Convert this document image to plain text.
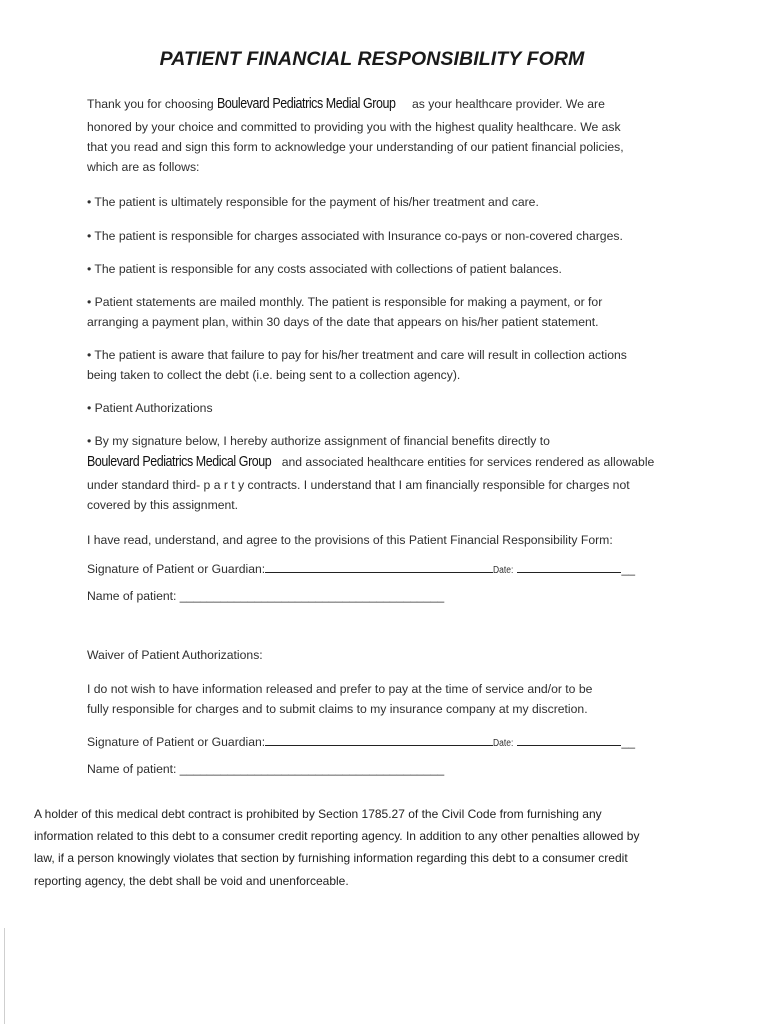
PATIENT FINANCIAL RESPONSIBILITY FORM
Thank you for choosing Boulevard Pediatrics Medial Group as your healthcare provider. We are
honored by your choice and committed to providing you with the highest quality healthcare. We ask
that you read and sign this form to acknowledge your understanding of our patient financial policies,
which are as follows:
• The patient is ultimately responsible for the payment of his/her treatment and care.
• The patient is responsible for charges associated with Insurance co-pays or non-covered charges.
• The patient is responsible for any costs associated with collections of patient balances.
• Patient statements are mailed monthly. The patient is responsible for making a payment, or for
arranging a payment plan, within 30 days of the date that appears on his/her patient statement.
• The patient is aware that failure to pay for his/her treatment and care will result in collection actions
being taken to collect the debt (i.e. being sent to a collection agency).
• Patient Authorizations
• By my signature below, I hereby authorize assignment of financial benefits directly to
Boulevard Pediatrics Medical Group and associated healthcare entities for services rendered as allowable
under standard third- p a r t y contracts. I understand that I am financially responsible for charges not
covered by this assignment.
I have read, understand, and agree to the provisions of this Patient Financial Responsibility Form:
Signature of Patient or Guardian:	Date:	__
Name of patient: _______________________________________
Waiver of Patient Authorizations:
I do not wish to have information released and prefer to pay at the time of service and/or to be
fully responsible for charges and to submit claims to my insurance company at my discretion.
Signature of Patient or Guardian:	Date:	__
Name of patient: _______________________________________
A holder of this medical debt contract is prohibited by Section 1785.27 of the Civil Code from furnishing any
information related to this debt to a consumer credit reporting agency. In addition to any other penalties allowed by
law, if a person knowingly violates that section by furnishing information regarding this debt to a consumer credit
reporting agency, the debt shall be void and unenforceable.
